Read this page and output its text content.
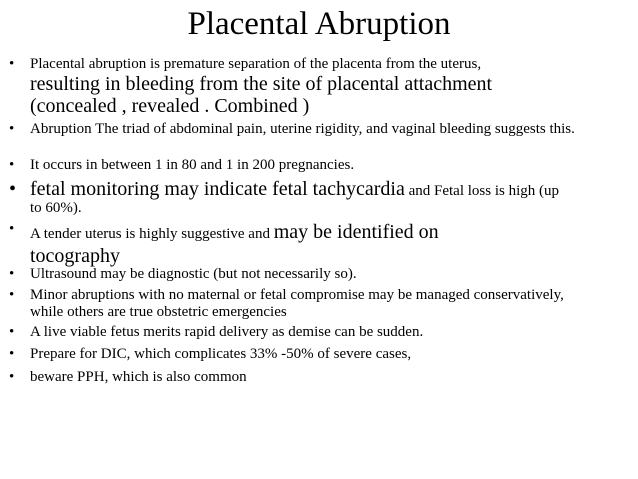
Placental Abruption
• Placental abruption is premature separation of the placenta from the uterus,
resulting in bleeding from the site of placental attachment
(concealed , revealed . Combined )
• Abruption The triad of abdominal pain, uterine rigidity, and vaginal bleeding suggests this.
• It occurs in between 1 in 80 and 1 in 200 pregnancies.
• fetal monitoring may indicate fetal tachycardia and Fetal loss is high (up to 60%).
• A tender uterus is highly suggestive and may be identified on tocography
• Ultrasound may be diagnostic (but not necessarily so).
• Minor abruptions with no maternal or fetal compromise may be managed conservatively, while others are true obstetric emergencies
• A live viable fetus merits rapid delivery as demise can be sudden.
• Prepare for DIC, which complicates 33% -50% of severe cases,
• beware PPH, which is also common
